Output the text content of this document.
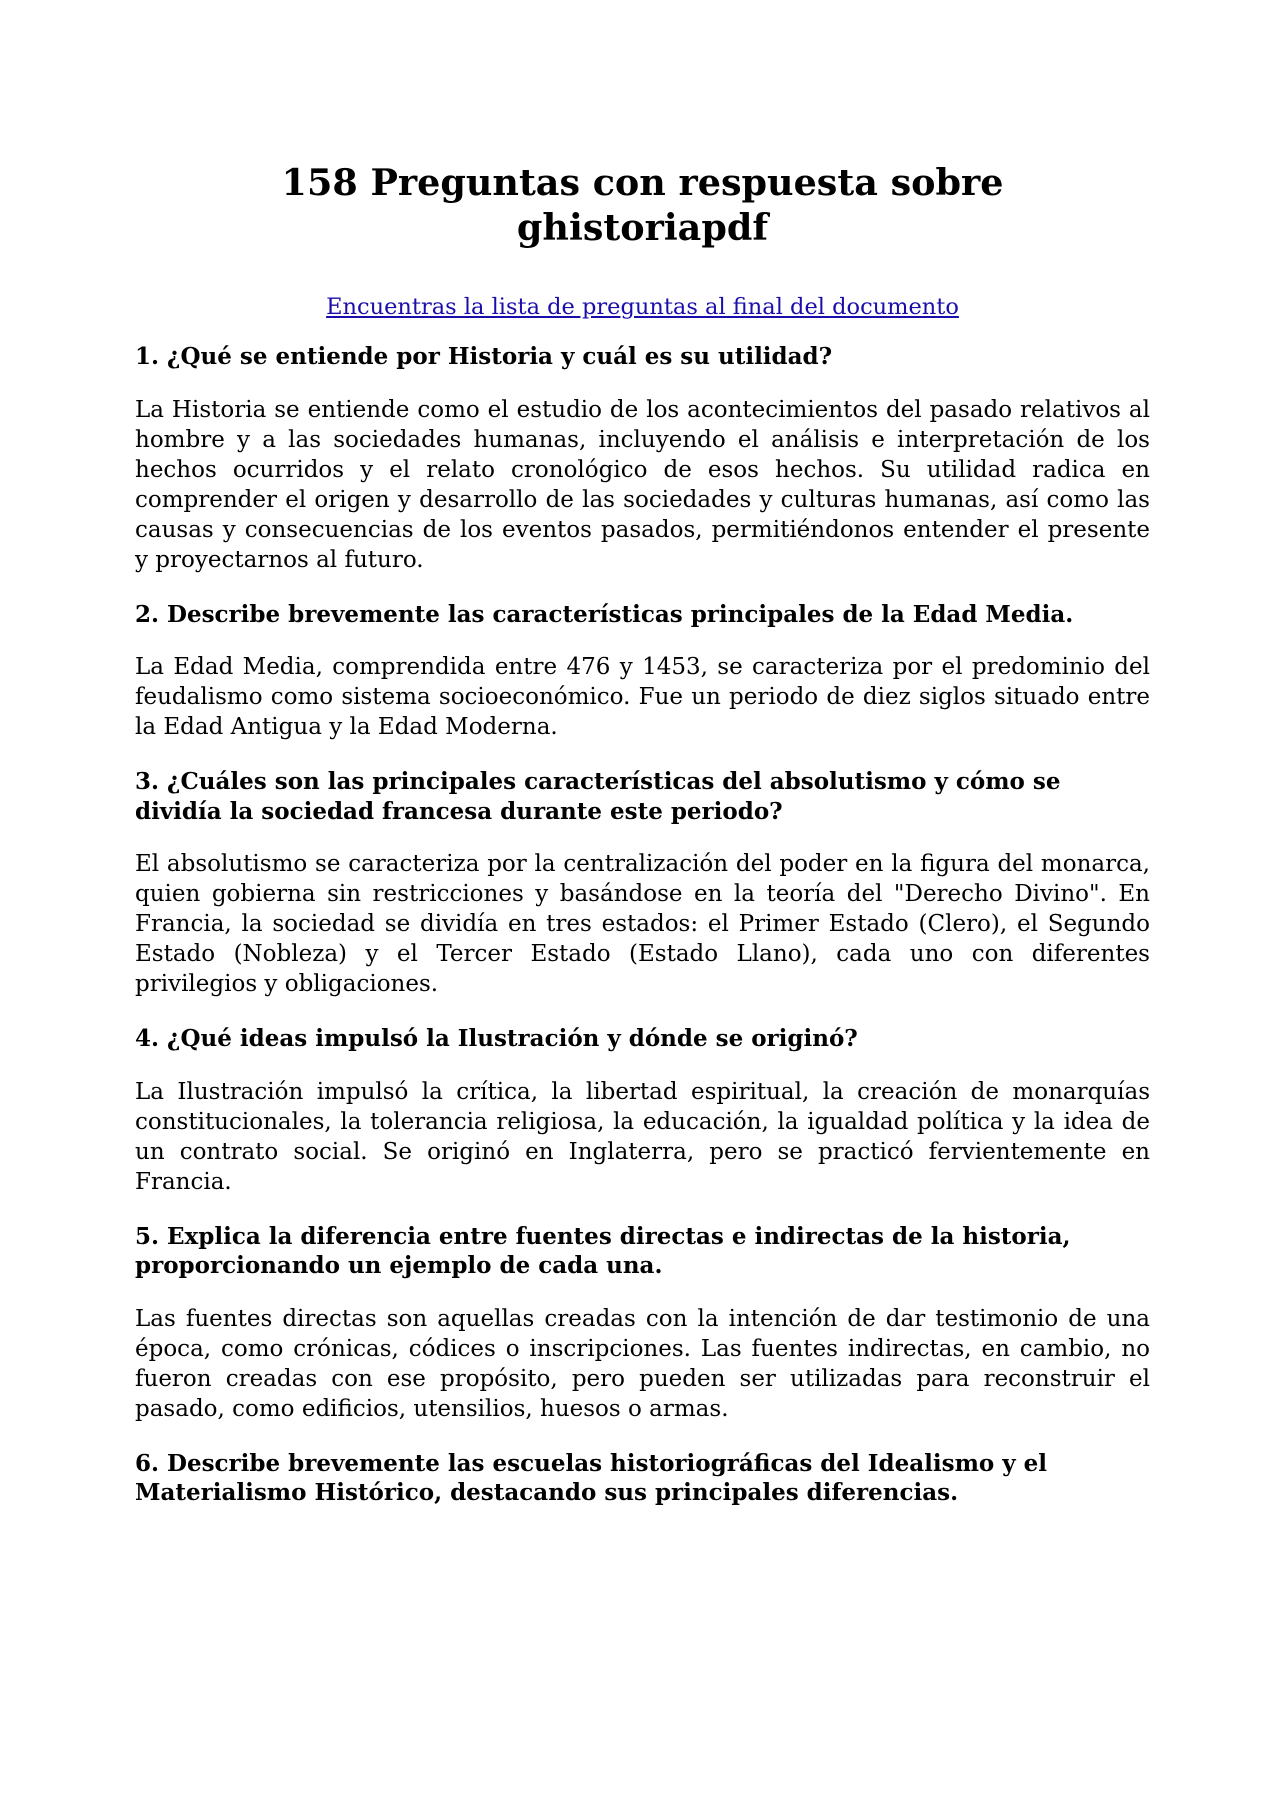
158 Preguntas con respuesta sobre
ghistoriapdf
Encuentras la lista de preguntas al final del documento

1. ¿Qué se entiende por Historia y cuál es su utilidad?

La Historia se entiende como el estudio de los acontecimientos del pasado relativos al hombre y a las sociedades humanas, incluyendo el análisis e interpretación de los hechos ocurridos y el relato cronológico de esos hechos. Su utilidad radica en comprender el origen y desarrollo de las sociedades y culturas humanas, así como las causas y consecuencias de los eventos pasados, permitiéndonos entender el presente y proyectarnos al futuro.

2. Describe brevemente las características principales de la Edad Media.

La Edad Media, comprendida entre 476 y 1453, se caracteriza por el predominio del feudalismo como sistema socioeconómico. Fue un periodo de diez siglos situado entre la Edad Antigua y la Edad Moderna.

3. ¿Cuáles son las principales características del absolutismo y cómo se dividía la sociedad francesa durante este periodo?

El absolutismo se caracteriza por la centralización del poder en la figura del monarca, quien gobierna sin restricciones y basándose en la teoría del "Derecho Divino". En Francia, la sociedad se dividía en tres estados: el Primer Estado (Clero), el Segundo Estado (Nobleza) y el Tercer Estado (Estado Llano), cada uno con diferentes privilegios y obligaciones.

4. ¿Qué ideas impulsó la Ilustración y dónde se originó?

La Ilustración impulsó la crítica, la libertad espiritual, la creación de monarquías constitucionales, la tolerancia religiosa, la educación, la igualdad política y la idea de un contrato social. Se originó en Inglaterra, pero se practicó fervientemente en Francia.

5. Explica la diferencia entre fuentes directas e indirectas de la historia, proporcionando un ejemplo de cada una.

Las fuentes directas son aquellas creadas con la intención de dar testimonio de una época, como crónicas, códices o inscripciones. Las fuentes indirectas, en cambio, no fueron creadas con ese propósito, pero pueden ser utilizadas para reconstruir el pasado, como edificios, utensilios, huesos o armas.

6. Describe brevemente las escuelas historiográficas del Idealismo y el Materialismo Histórico, destacando sus principales diferencias.
